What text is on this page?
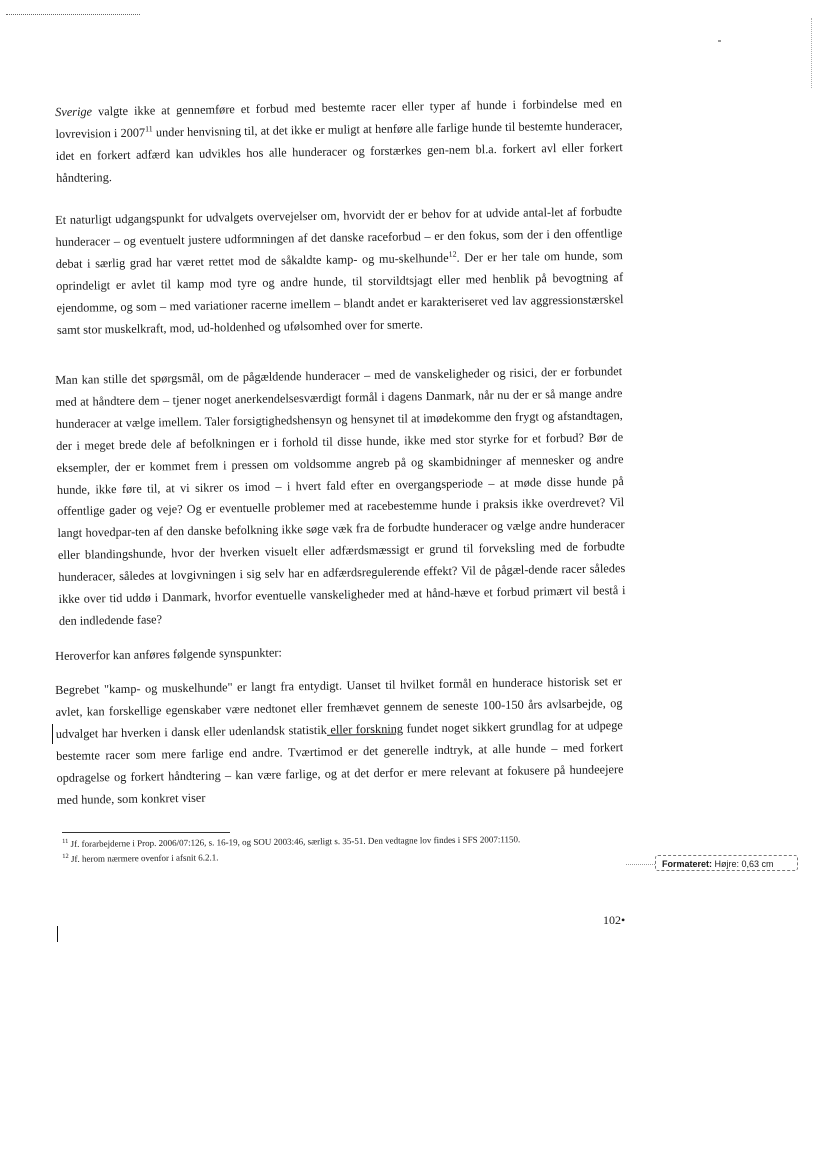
Sverige valgte ikke at gennemføre et forbud med bestemte racer eller typer af hunde i forbindelse med en lovrevision i 2007$^{11}$ under henvisning til, at det ikke er muligt at henføre alle farlige hunde til bestemte hunderacer, idet en forkert adfærd kan udvikles hos alle hunderacer og forstærkes gen-nem bl.a. forkert avl eller forkert håndtering.
Et naturligt udgangspunkt for udvalgets overvejelser om, hvorvidt der er behov for at udvide antal-let af forbudte hunderacer – og eventuelt justere udformningen af det danske raceforbud – er den fokus, som der i den offentlige debat i særlig grad har været rettet mod de såkaldte kamp- og mu-skelhunde$^{12}$. Der er her tale om hunde, som oprindeligt er avlet til kamp mod tyre og andre hunde, til storvildtsjagt eller med henblik på bevogtning af ejendomme, og som – med variationer racerne imellem – blandt andet er karakteriseret ved lav aggressionstærskel samt stor muskelkraft, mod, ud-holdenhed og ufølsomhed over for smerte.
Man kan stille det spørgsmål, om de pågældende hunderacer – med de vanskeligheder og risici, der er forbundet med at håndtere dem – tjener noget anerkendelsesværdigt formål i dagens Danmark, når nu der er så mange andre hunderacer at vælge imellem. Taler forsigtighedshensyn og hensynet til at imødekomme den frygt og afstandtagen, der i meget brede dele af befolkningen er i forhold til disse hunde, ikke med stor styrke for et forbud? Bør de eksempler, der er kommet frem i pressen om voldsomme angreb på og skambidninger af mennesker og andre hunde, ikke føre til, at vi sikrer os imod – i hvert fald efter en overgangsperiode – at møde disse hunde på offentlige gader og veje? Og er eventuelle problemer med at racebestemme hunde i praksis ikke overdrevet? Vil langt hovedpar-ten af den danske befolkning ikke søge væk fra de forbudte hunderacer og vælge andre hunderacer eller blandingshunde, hvor der hverken visuelt eller adfærdsmæssigt er grund til forveksling med de forbudte hunderacer, således at lovgivningen i sig selv har en adfærdsregulerende effekt? Vil de pågæl-dende racer således ikke over tid uddø i Danmark, hvorfor eventuelle vanskeligheder med at hånd-hæve et forbud primært vil bestå i den indledende fase?
Heroverfor kan anføres følgende synspunkter:
Begrebet "kamp- og muskelhunde" er langt fra entydigt. Uanset til hvilket formål en hunderace historisk set er avlet, kan forskellige egenskaber være nedtonet eller fremhævet gennem de seneste 100-150 års avlsarbejde, og udvalget har hverken i dansk eller udenlandsk statistik eller forskning fundet noget sikkert grundlag for at udpege bestemte racer som mere farlige end andre. Tværtimod er det generelle indtryk, at alle hunde – med forkert opdragelse og forkert håndtering – kan være farlige, og at det derfor er mere relevant at fokusere på hundeejere med hunde, som konkret viser
$^{11}$ Jf. forarbejderne i Prop. 2006/07:126, s. 16-19, og SOU 2003:46, særligt s. 35-51. Den vedtagne lov findes i SFS 2007:1150.
$^{12}$ Jf. herom nærmere ovenfor i afsnit 6.2.1.
102•
Formateret: Højre: 0,63 cm
